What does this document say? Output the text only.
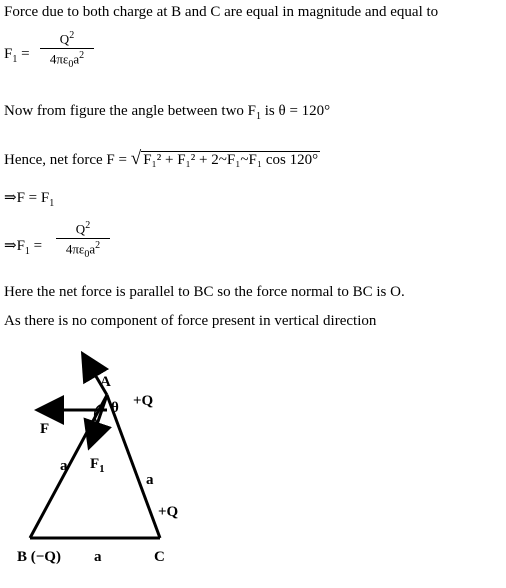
Force due to both charge at B and C are equal in magnitude and equal to
$F_1$ =
$Q^2$
$4\pi\varepsilon_0a^2$
Now from figure the angle between two $F_1$ is θ = 120°
Hence, net force F = √ F₁² + F₁² + 2~F₁~F₁ cos 120°
⇒F = $F_1$
$\Rightarrow F_1$ =
$Q^2$
$4\pi\varepsilon_0a^2$
Here the net force is parallel to BC so the force normal to BC is O.
As there is no component of force present in vertical direction
A
θ +Q
F
$F_1$
a
a
+Q
B (−Q) a	C
